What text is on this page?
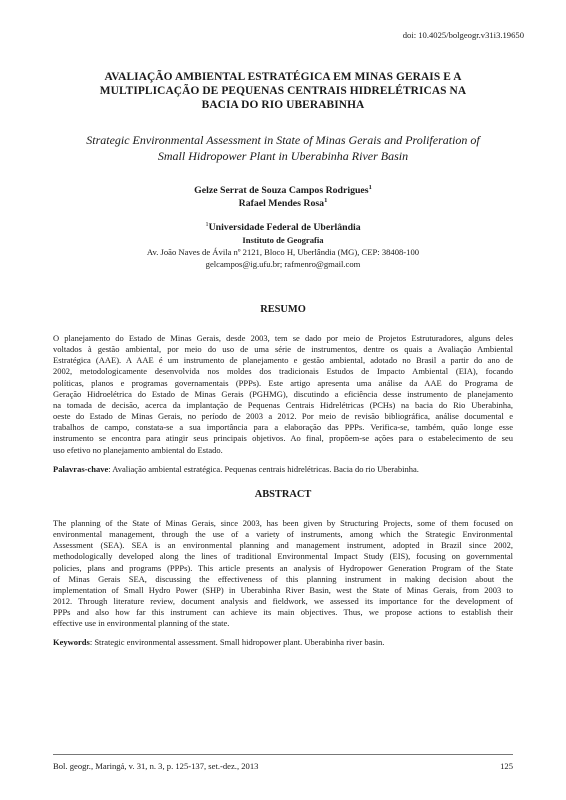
doi: 10.4025/bolgeogr.v31i3.19650
AVALIAÇÃO AMBIENTAL ESTRATÉGICA EM MINAS GERAIS E A
MULTIPLICAÇÃO DE PEQUENAS CENTRAIS HIDRELÉTRICAS NA
BACIA DO RIO UBERABINHA
Strategic Environmental Assessment in State of Minas Gerais and Proliferation of
Small Hidropower Plant in Uberabinha River Basin
Gelze Serrat de Souza Campos Rodrigues$^1$
Rafael Mendes Rosa$^1$
$^1$Universidade Federal de Uberlândia
Instituto de Geografia
Av. João Naves de Ávila nº 2121, Bloco H, Uberlândia (MG), CEP: 38408-100
gelcampos@ig.ufu.br; rafmenro@gmail.com
RESUMO
O planejamento do Estado de Minas Gerais, desde 2003, tem se dado por meio de Projetos Estruturadores, alguns deles
voltados à gestão ambiental, por meio do uso de uma série de instrumentos, dentre os quais a Avaliação Ambiental
Estratégica (AAE). A AAE é um instrumento de planejamento e gestão ambiental, adotado no Brasil a partir do ano de
2002, metodologicamente desenvolvida nos moldes dos tradicionais Estudos de Impacto Ambiental (EIA), focando
políticas, planos e programas governamentais (PPPs). Este artigo apresenta uma análise da AAE do Programa de
Geração Hidroelétrica do Estado de Minas Gerais (PGHMG), discutindo a eficiência desse instrumento de planejamento
na tomada de decisão, acerca da implantação de Pequenas Centrais Hidrelétricas (PCHs) na bacia do Rio Uberabinha,
oeste do Estado de Minas Gerais, no período de 2003 a 2012. Por meio de revisão bibliográfica, análise documental e
trabalhos de campo, constata-se a sua importância para a elaboração das PPPs. Verifica-se, também, quão longe esse
instrumento se encontra para atingir seus principais objetivos. Ao final, propõem-se ações para o estabelecimento de seu
uso efetivo no planejamento ambiental do Estado.
Palavras-chave: Avaliação ambiental estratégica. Pequenas centrais hidrelétricas. Bacia do rio Uberabinha.
ABSTRACT
The planning of the State of Minas Gerais, since 2003, has been given by Structuring Projects, some of them focused on
environmental management, through the use of a variety of instruments, among which the Strategic Environmental
Assessment (SEA). SEA is an environmental planning and management instrument, adopted in Brazil since 2002,
methodologically developed along the lines of traditional Environmental Impact Study (EIS), focusing on governmental
policies, plans and programs (PPPs). This article presents an analysis of Hydropower Generation Program of the State
of Minas Gerais SEA, discussing the effectiveness of this planning instrument in making decision about the
implementation of Small Hydro Power (SHP) in Uberabinha River Basin, west the State of Minas Gerais, from 2003 to
2012. Through literature review, document analysis and fieldwork, we assessed its importance for the development of
PPPs and also how far this instrument can achieve its main objectives. Thus, we propose actions to establish their
effective use in environmental planning of the state.
Keywords: Strategic environmental assessment. Small hidropower plant. Uberabinha river basin.
Bol. geogr., Maringá, v. 31, n. 3, p. 125-137, set.-dez., 2013	125
